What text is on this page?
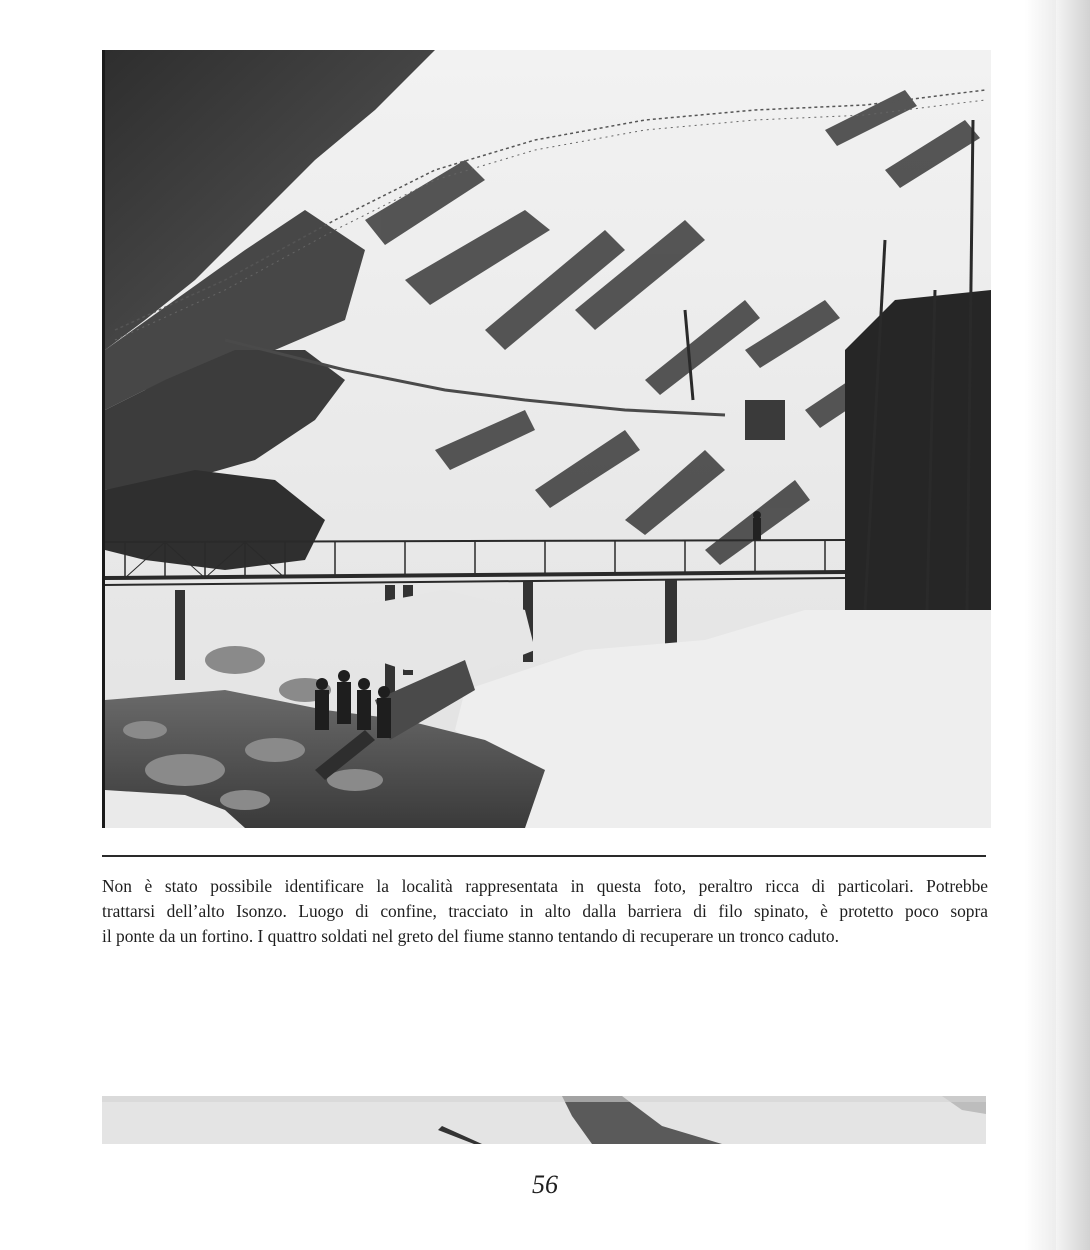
Non è stato possibile identificare la località rappresentata in questa foto, peraltro ricca di particolari. Potrebbe
trattarsi dell’alto Isonzo. Luogo di confine, tracciato in alto dalla barriera di filo spinato, è protetto poco sopra
il ponte da un fortino. I quattro soldati nel greto del fiume stanno tentando di recuperare un tronco caduto.

56
